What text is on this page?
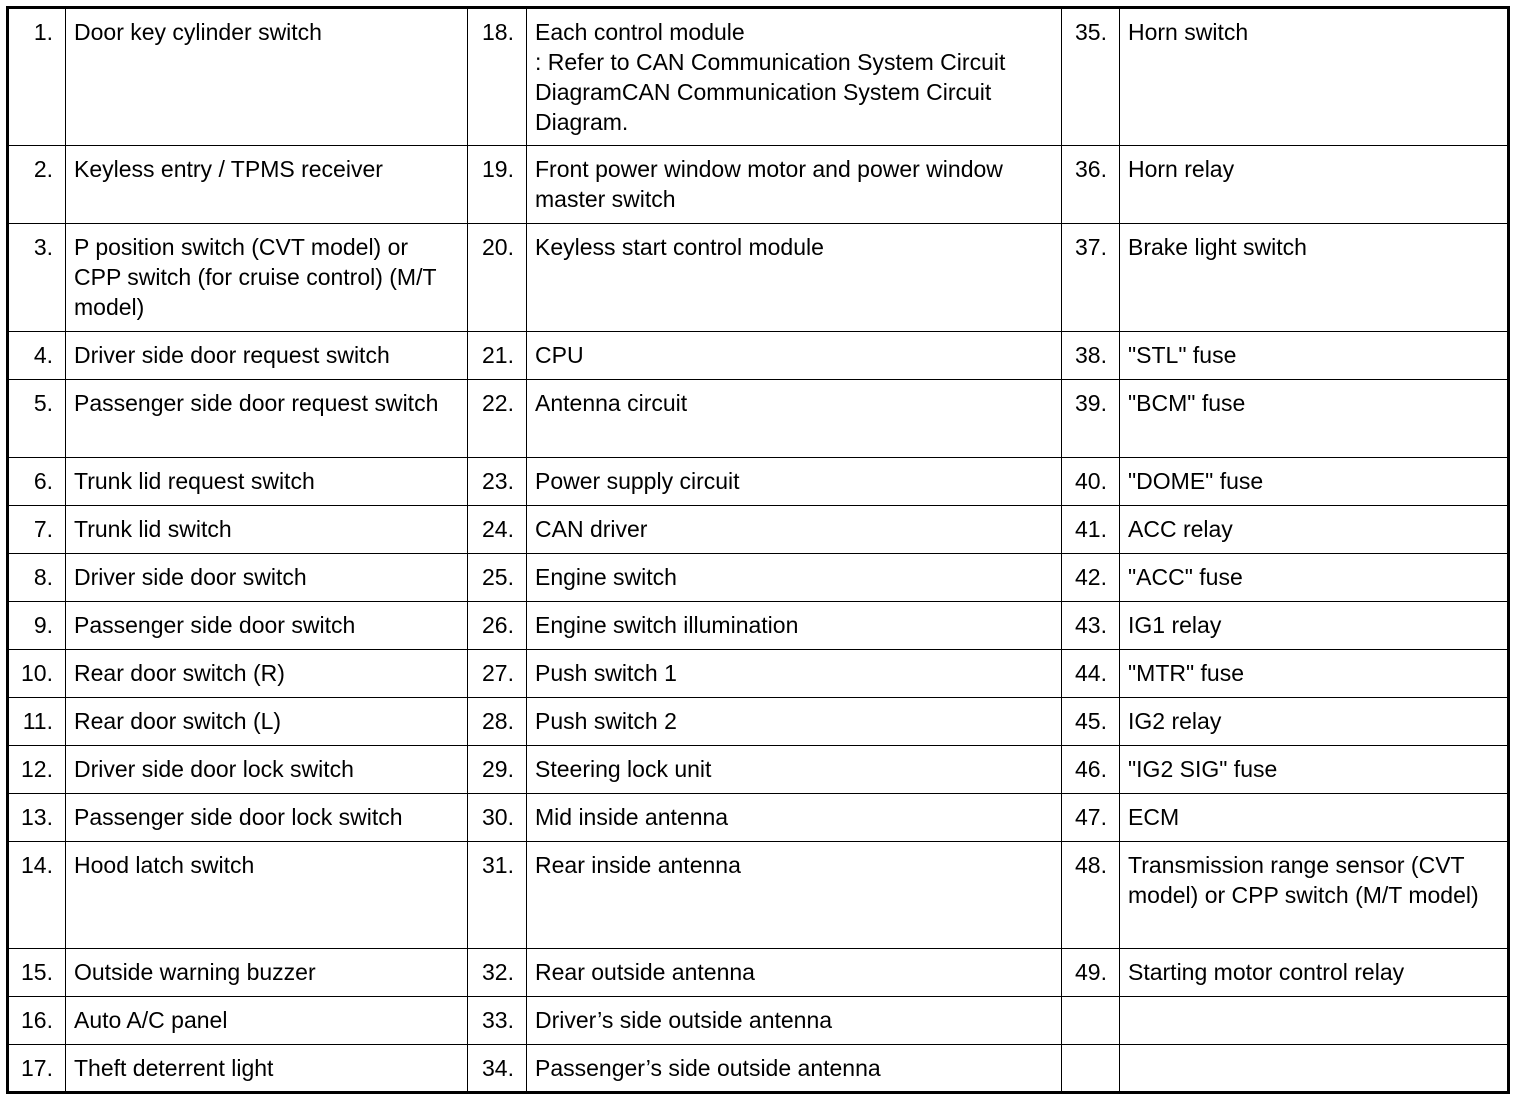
1.	Door key cylinder switch	18.	Each control module
: Refer to CAN Communication System Circuit DiagramCAN Communication System Circuit Diagram.	35.	Horn switch
2.	Keyless entry / TPMS receiver	19.	Front power window motor and power window master switch	36.	Horn relay
3.	P position switch (CVT model) or CPP switch (for cruise control) (M/T model)	20.	Keyless start control module	37.	Brake light switch
4.	Driver side door request switch	21.	CPU	38.	"STL" fuse
5.	Passenger side door request switch	22.	Antenna circuit	39.	"BCM" fuse
6.	Trunk lid request switch	23.	Power supply circuit	40.	"DOME" fuse
7.	Trunk lid switch	24.	CAN driver	41.	ACC relay
8.	Driver side door switch	25.	Engine switch	42.	"ACC" fuse
9.	Passenger side door switch	26.	Engine switch illumination	43.	IG1 relay
10.	Rear door switch (R)	27.	Push switch 1	44.	"MTR" fuse
11.	Rear door switch (L)	28.	Push switch 2	45.	IG2 relay
12.	Driver side door lock switch	29.	Steering lock unit	46.	"IG2 SIG" fuse
13.	Passenger side door lock switch	30.	Mid inside antenna	47.	ECM
14.	Hood latch switch	31.	Rear inside antenna	48.	Transmission range sensor (CVT model) or CPP switch (M/T model)
15.	Outside warning buzzer	32.	Rear outside antenna	49.	Starting motor control relay
16.	Auto A/C panel	33.	Driver’s side outside antenna		
17.	Theft deterrent light	34.	Passenger’s side outside antenna		
